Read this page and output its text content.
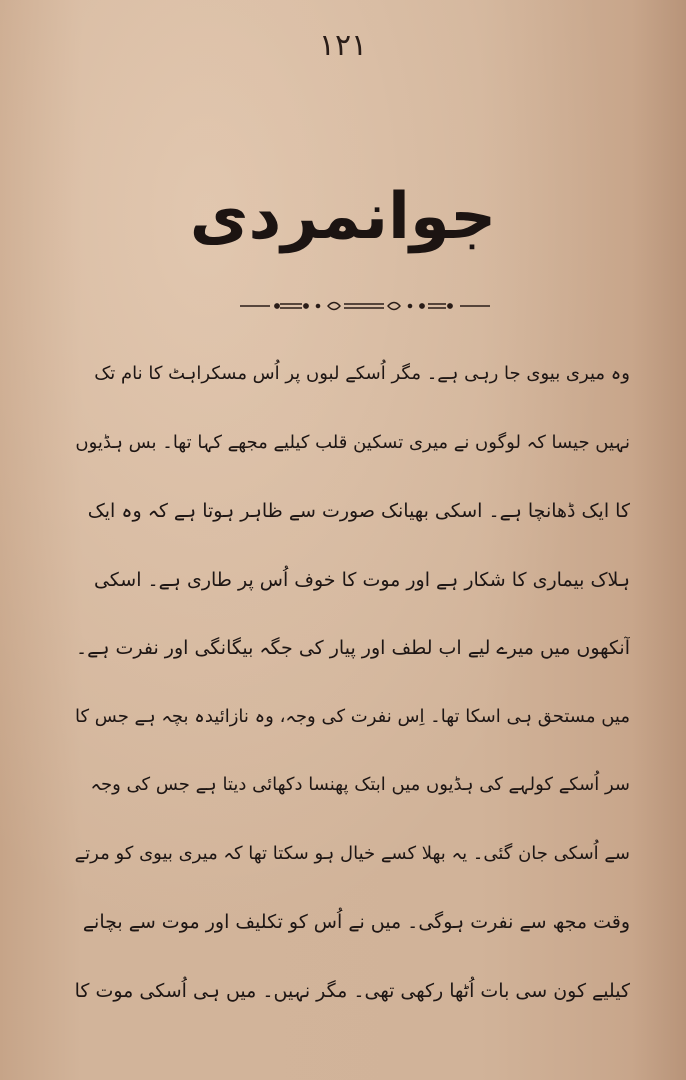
۱۲۱
جوانمردی
وہ میری بیوی جا رہی ہے۔ مگر اُسکے لبوں پر اُس مسکراہٹ کا نام تک
نہیں جیسا کہ لوگوں نے میری تسکین قلب کیلیے مجھے کہا تھا۔ بس ہڈیوں
کا ایک ڈھانچا ہے۔ اسکی بھیانک صورت سے ظاہر ہوتا ہے کہ وہ ایک
ہلاک بیماری کا شکار ہے اور موت کا خوف اُس پر طاری ہے۔ اسکی
آنکھوں میں میرے لیے اب لطف اور پیار کی جگہ بیگانگی اور نفرت ہے۔
میں مستحق ہی اسکا تھا۔ اِس نفرت کی وجہ، وہ نازائیدہ بچہ ہے جس کا
سر اُسکے کولہے کی ہڈیوں میں ابتک پھنسا دکھائی دیتا ہے جس کی وجہ
سے اُسکی جان گئی۔ یہ بھلا کسے خیال ہو سکتا تھا کہ میری بیوی کو مرتے
وقت مجھ سے نفرت ہوگی۔ میں نے اُس کو تکلیف اور موت سے بچانے
کیلیے کون سی بات اُٹھا رکھی تھی۔ مگر نہیں۔ میں ہی اُسکی موت کا
